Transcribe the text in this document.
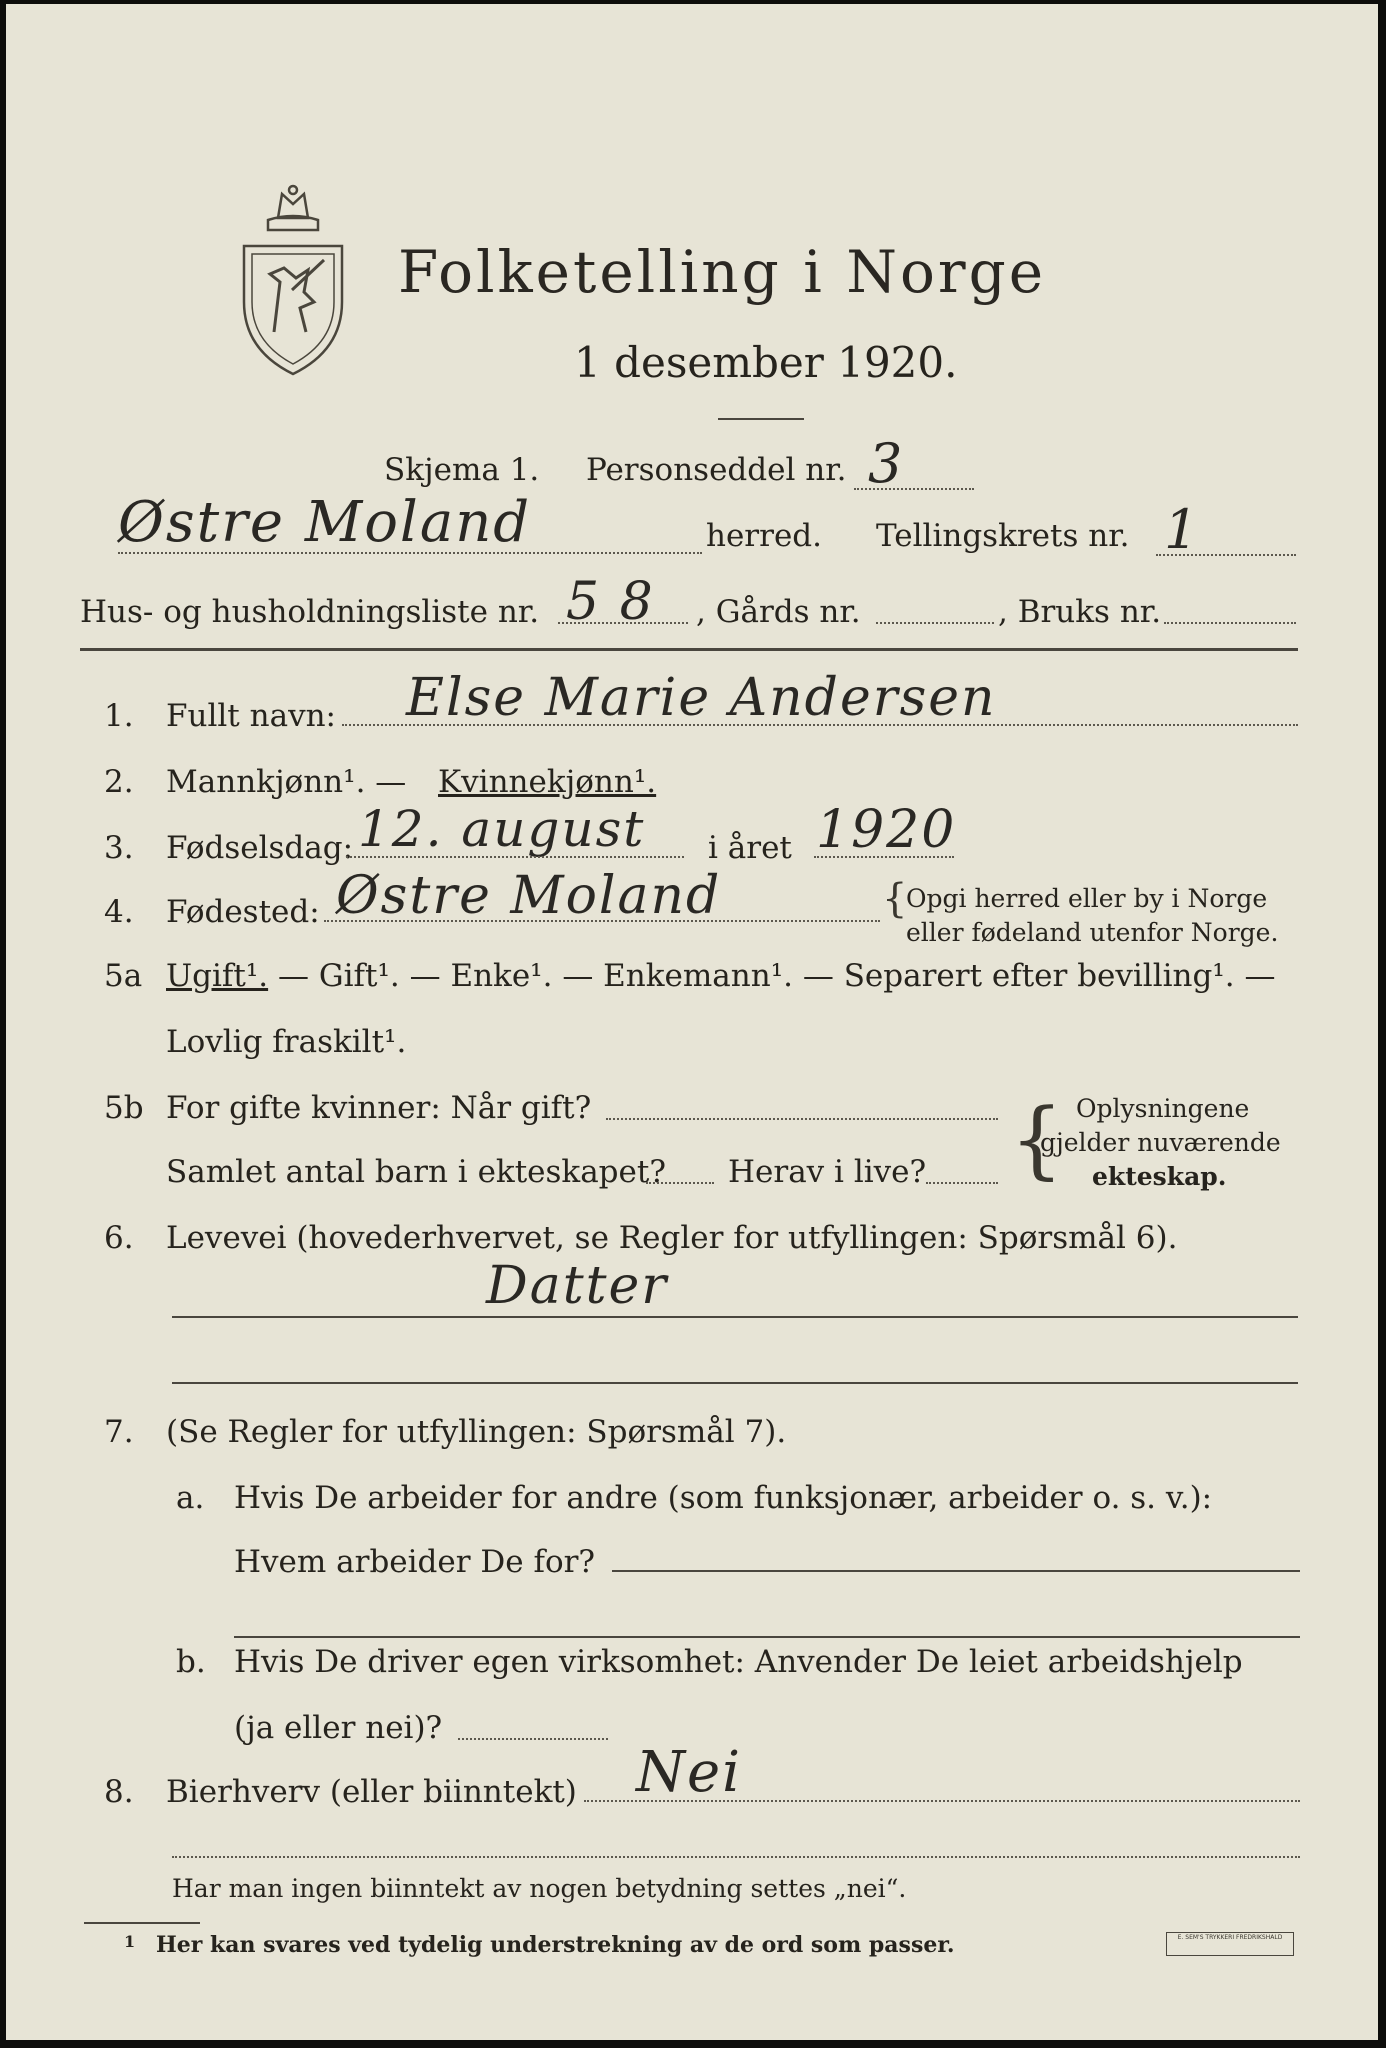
Folketelling i Norge
1 desember 1920.
Skjema 1. Personseddel nr. 3
Østre Moland	herred. Tellingskrets nr. 1
Hus- og husholdningsliste nr. 5 8 , Gårds nr.	, Bruks nr.
1. Fullt navn: Else Marie Andersen
2. Mannkjønn¹. — Kvinnekjønn¹.
3. Fødselsdag: 12. august i året 1920
4. Fødested: Østre Moland	{
Opgi herred eller by i Norge
eller fødeland utenfor Norge.
5a Ugift¹. — Gift¹. — Enke¹. — Enkemann¹. — Separert efter bevilling¹. —
Lovlig fraskilt¹.
5b For gifte kvinner: Når gift?
Samlet antal barn i ekteskapet? Herav i live? { Oplysningene
gjelder nuværende
ekteskap.
6. Levevei (hovederhvervet, se Regler for utfyllingen: Spørsmål 6).
Datter
7. (Se Regler for utfyllingen: Spørsmål 7).
a. Hvis De arbeider for andre (som funksjonær, arbeider o. s. v.):
Hvem arbeider De for?
b. Hvis De driver egen virksomhet: Anvender De leiet arbeidshjelp
(ja eller nei)?
8. Bierhverv (eller biinntekt) Nei
Har man ingen biinntekt av nogen betydning settes „nei“.
1 Her kan svares ved tydelig understrekning av de ord som passer.	E. SEM'S TRYKKERI FREDRIKSHALD
